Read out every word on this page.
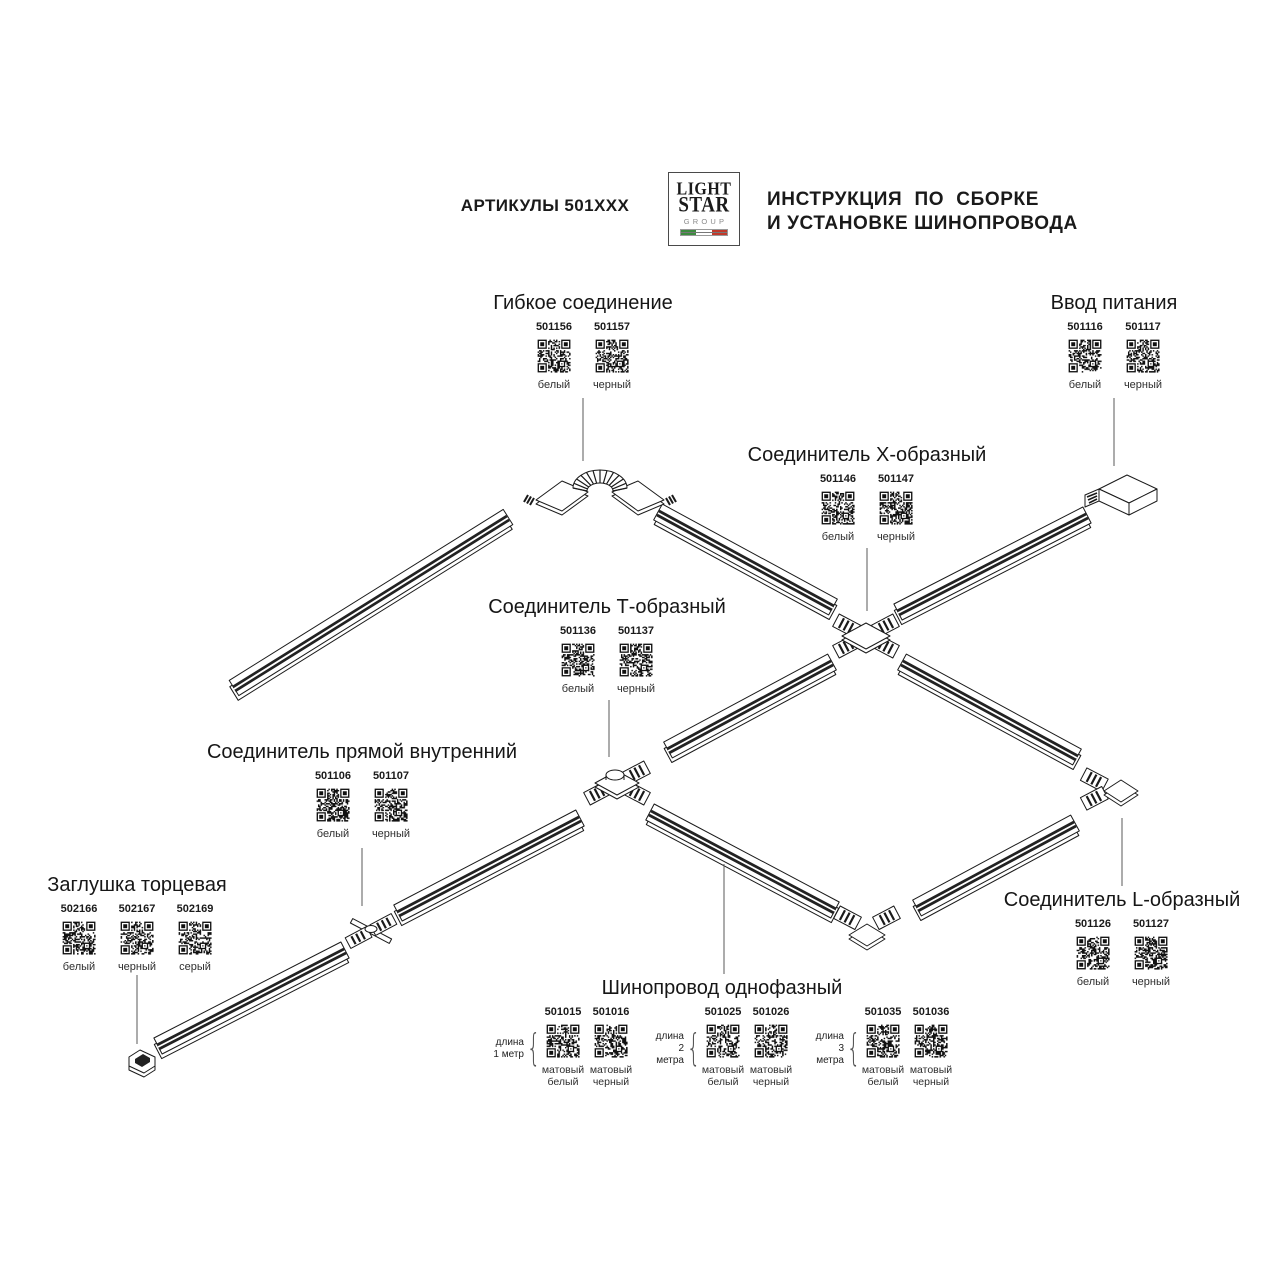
АРТИКУЛЫ 501ХХХ
LIGHT
STAR
GROUP
ИНСТРУКЦИЯ ПО СБОРКЕ
И УСТАНОВКЕ ШИНОПРОВОДА
Гибкое соединение
501156
белый
501157
черный
Ввод питания
501116
белый
501117
черный
Соединитель Х-образный
501146
белый
501147
черный
Соединитель Т-образный
501136
белый
501137
черный
Соединитель прямой внутренний
501106
белый
501107
черный
Заглушка торцевая
502166
белый
502167
черный
502169
серый
Соединитель L-образный
501126
белый
501127
черный
Шинопровод однофазный
длина
1 метр {
501015
матовый белый
501016
матовый черный
длина
2 метра {
501025
матовый белый
501026
матовый черный
длина
3 метра {
501035
матовый белый
501036
матовый черный
